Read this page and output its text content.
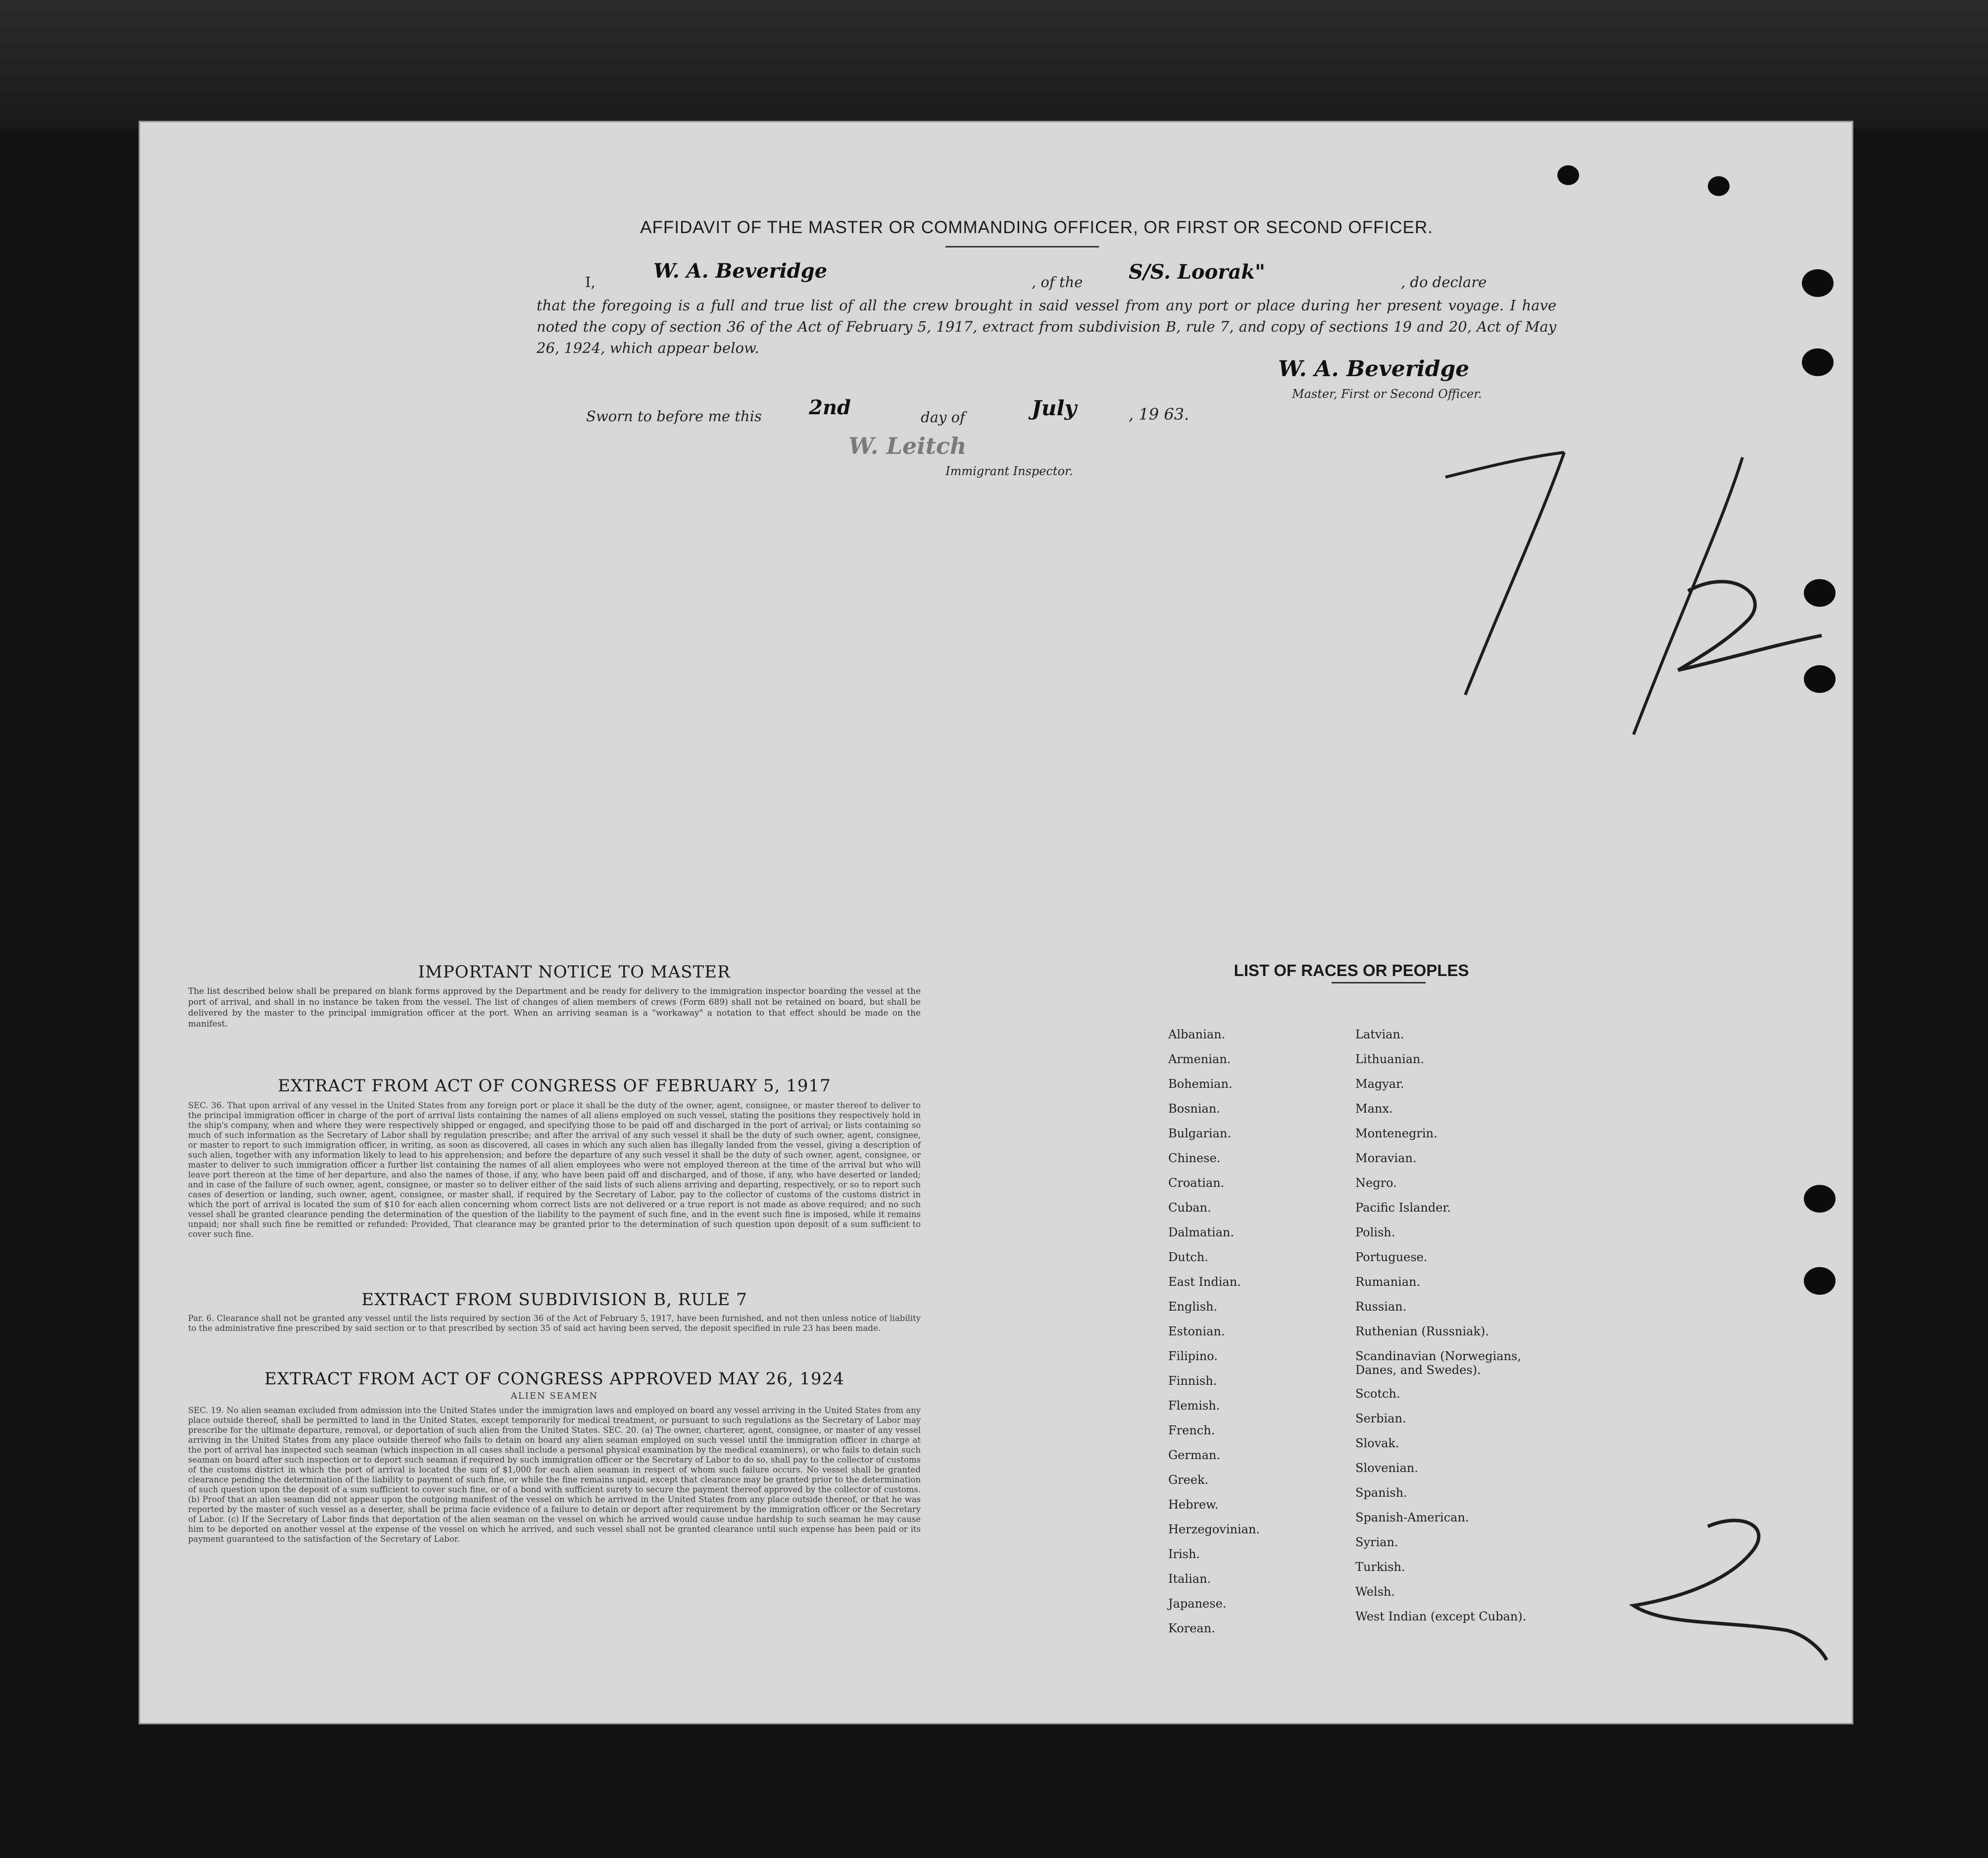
AFFIDAVIT OF THE MASTER OR COMMANDING OFFICER, OR FIRST OR SECOND OFFICER.
I,	W. A. Beveridge	, of the S/S. Loorak"	, do declare
that the foregoing is a full and true list of all the crew brought in said vessel from any port or place during her present voyage. I have noted the copy of section 36 of the Act of February 5, 1917, extract from subdivision B, rule 7, and copy of sections 19 and 20, Act of May 26, 1924, which appear below.
W. A. Beveridge
Master, First or Second Officer.
Sworn to before me this 2nd	day of	July	, 19 63.
W. Leitch
Immigrant Inspector.
IMPORTANT NOTICE TO MASTER
The list described below shall be prepared on blank forms approved by the Department and be ready for delivery to the immigration inspector boarding the vessel at the port of arrival, and shall in no instance be taken from the vessel. The list of changes of alien members of crews (Form 689) shall not be retained on board, but shall be delivered by the master to the principal immigration officer at the port. When an arriving seaman is a "workaway" a notation to that effect should be made on the manifest.
EXTRACT FROM ACT OF CONGRESS OF FEBRUARY 5, 1917
SEC. 36. That upon arrival of any vessel in the United States from any foreign port or place it shall be the duty of the owner, agent, consignee, or master thereof to deliver to the principal immigration officer in charge of the port of arrival lists containing the names of all aliens employed on such vessel, stating the positions they respectively hold in the ship's company, when and where they were respectively shipped or engaged, and specifying those to be paid off and discharged in the port of arrival; or lists containing so much of such information as the Secretary of Labor shall by regulation prescribe; and after the arrival of any such vessel it shall be the duty of such owner, agent, consignee, or master to report to such immigration officer, in writing, as soon as discovered, all cases in which any such alien has illegally landed from the vessel, giving a description of such alien, together with any information likely to lead to his apprehension; and before the departure of any such vessel it shall be the duty of such owner, agent, consignee, or master to deliver to such immigration officer a further list containing the names of all alien employees who were not employed thereon at the time of the arrival but who will leave port thereon at the time of her departure, and also the names of those, if any, who have been paid off and discharged, and of those, if any, who have deserted or landed; and in case of the failure of such owner, agent, consignee, or master so to deliver either of the said lists of such aliens arriving and departing, respectively, or so to report such cases of desertion or landing, such owner, agent, consignee, or master shall, if required by the Secretary of Labor, pay to the collector of customs of the customs district in which the port of arrival is located the sum of $10 for each alien concerning whom correct lists are not delivered or a true report is not made as above required; and no such vessel shall be granted clearance pending the determination of the question of the liability to the payment of such fine, and in the event such fine is imposed, while it remains unpaid; nor shall such fine be remitted or refunded: Provided, That clearance may be granted prior to the determination of such question upon deposit of a sum sufficient to cover such fine.
EXTRACT FROM SUBDIVISION B, RULE 7
Par. 6. Clearance shall not be granted any vessel until the lists required by section 36 of the Act of February 5, 1917, have been furnished, and not then unless notice of liability to the administrative fine prescribed by said section or to that prescribed by section 35 of said act having been served, the deposit specified in rule 23 has been made.
EXTRACT FROM ACT OF CONGRESS APPROVED MAY 26, 1924
ALIEN SEAMEN
SEC. 19. No alien seaman excluded from admission into the United States under the immigration laws and employed on board any vessel arriving in the United States from any place outside thereof, shall be permitted to land in the United States, except temporarily for medical treatment, or pursuant to such regulations as the Secretary of Labor may prescribe for the ultimate departure, removal, or deportation of such alien from the United States. SEC. 20. (a) The owner, charterer, agent, consignee, or master of any vessel arriving in the United States from any place outside thereof who fails to detain on board any alien seaman employed on such vessel until the immigration officer in charge at the port of arrival has inspected such seaman (which inspection in all cases shall include a personal physical examination by the medical examiners), or who fails to detain such seaman on board after such inspection or to deport such seaman if required by such immigration officer or the Secretary of Labor to do so, shall pay to the collector of customs of the customs district in which the port of arrival is located the sum of $1,000 for each alien seaman in respect of whom such failure occurs. No vessel shall be granted clearance pending the determination of the liability to payment of such fine, or while the fine remains unpaid, except that clearance may be granted prior to the determination of such question upon the deposit of a sum sufficient to cover such fine, or of a bond with sufficient surety to secure the payment thereof approved by the collector of customs. (b) Proof that an alien seaman did not appear upon the outgoing manifest of the vessel on which he arrived in the United States from any place outside thereof, or that he was reported by the master of such vessel as a deserter, shall be prima facie evidence of a failure to detain or deport after requirement by the immigration officer or the Secretary of Labor. (c) If the Secretary of Labor finds that deportation of the alien seaman on the vessel on which he arrived would cause undue hardship to such seaman he may cause him to be deported on another vessel at the expense of the vessel on which he arrived, and such vessel shall not be granted clearance until such expense has been paid or its payment guaranteed to the satisfaction of the Secretary of Labor.
LIST OF RACES OR PEOPLES
Albanian.
Armenian.
Bohemian.
Bosnian.
Bulgarian.
Chinese.
Croatian.
Cuban.
Dalmatian.
Dutch.
East Indian.
English.
Estonian.
Filipino.
Finnish.
Flemish.
French.
German.
Greek.
Hebrew.
Herzegovinian.
Irish.
Italian.
Japanese.
Korean.
Latvian.
Lithuanian.
Magyar.
Manx.
Montenegrin.
Moravian.
Negro.
Pacific Islander.
Polish.
Portuguese.
Rumanian.
Russian.
Ruthenian (Russniak).
Scandinavian (Norwegians,
Danes, and Swedes).
Scotch.
Serbian.
Slovak.
Slovenian.
Spanish.
Spanish-American.
Syrian.
Turkish.
Welsh.
West Indian (except Cuban).
